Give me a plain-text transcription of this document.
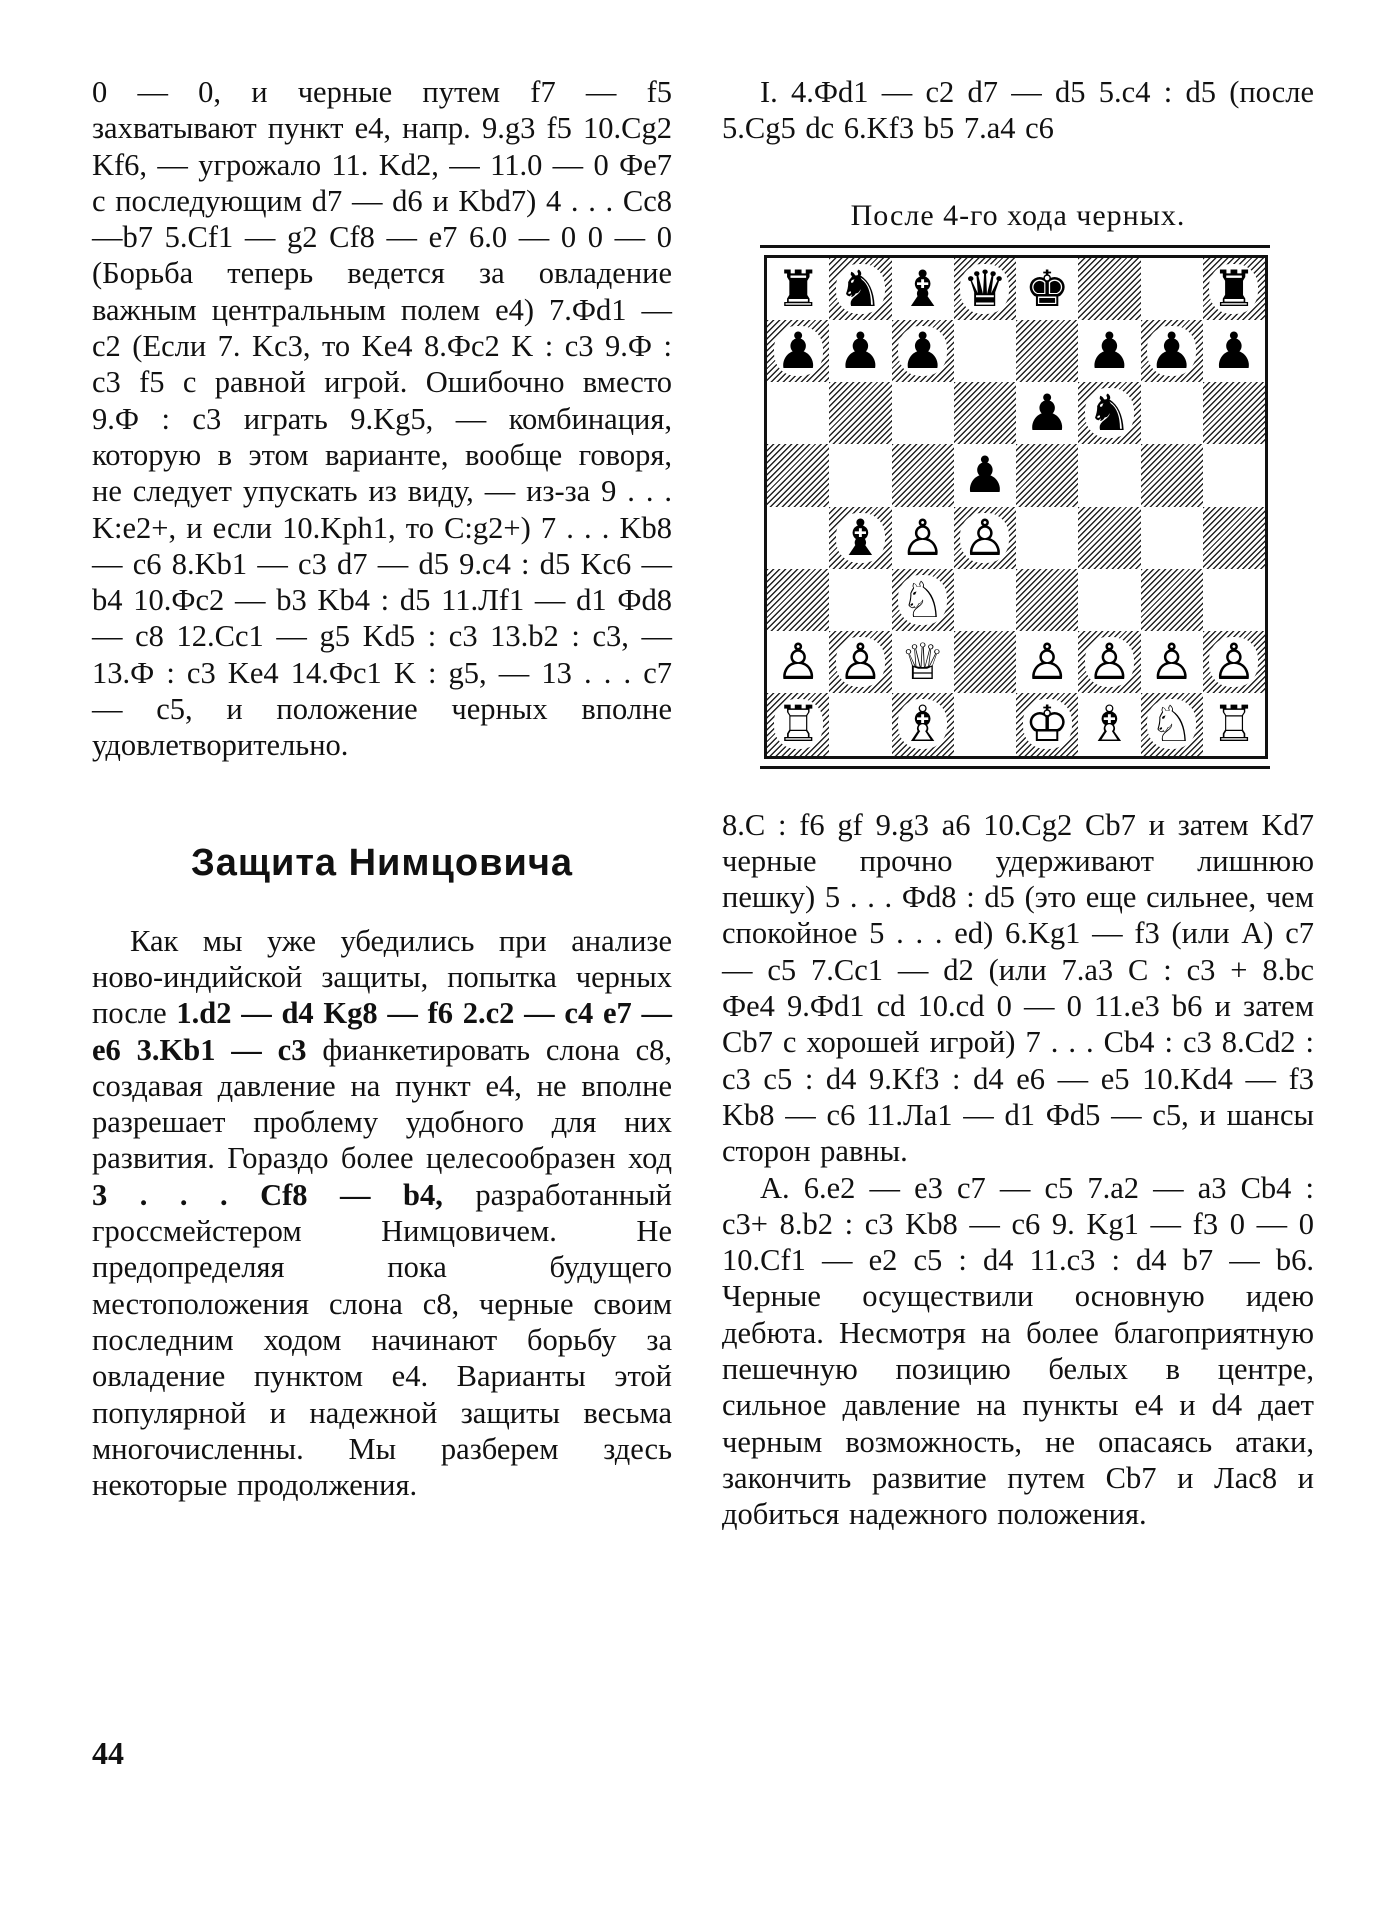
0 — 0, и черные путем f7 — f5 захватывают пункт e4, напр. 9.g3 f5 10.Cg2 Kf6, — угрожало 11. Kd2, — 11.0 — 0 Фe7 с последующим d7 — d6 и Kbd7) 4 . . . Cc8—b7 5.Cf1 — g2 Cf8 — e7 6.0 — 0 0 — 0 (Борьба теперь ведется за овладение важным центральным полем e4) 7.Фd1 — c2 (Если 7. Kc3, то Ke4 8.Фc2 K : c3 9.Ф : c3 f5 с равной игрой. Ошибочно вместо 9.Ф : c3 играть 9.Kg5, — комбинация, которую в этом варианте, вообще говоря, не следует упускать из виду, — из-за 9 . . . K:e2+, и если 10.Kph1, то C:g2+) 7 . . . Kb8 — c6 8.Kb1 — c3 d7 — d5 9.c4 : d5 Kc6 — b4 10.Фc2 — b3 Kb4 : d5 11.Лf1 — d1 Фd8 — c8 12.Cc1 — g5 Kd5 : c3 13.b2 : c3, — 13.Ф : c3 Ke4 14.Фc1 K : g5, — 13 . . . c7 — c5, и положение черных вполне удовлетворительно.

Защита Нимцовича

Как мы уже убедились при анализе ново-индийской защиты, попытка черных после 1.d2 — d4 Kg8 — f6 2.c2 — c4 e7 — e6 3.Kb1 — c3 фианкетировать слона c8, создавая давление на пункт e4, не вполне разрешает проблему удобного для них развития. Гораздо более целесообразен ход 3 . . . Cf8 — b4, разработанный гроссмейстером Нимцовичем. Не предопределяя пока будущего местоположения слона c8, черные своим последним ходом начинают борьбу за овладение пунктом e4. Варианты этой популярной и надежной защиты весьма многочисленны. Мы разберем здесь некоторые продолжения.

I. 4.Фd1 — c2 d7 — d5 5.c4 : d5 (после 5.Cg5 dc 6.Kf3 b5 7.a4 c6

После 4-го хода черных.
♜ ♞ ♝ ♛ ♚	♜
♟ ♟ ♟	♟ ♟ ♟
♟ ♞
♟
♝ ♙ ♙
♘
♙ ♙ ♕ ♙ ♙ ♙ ♙
♖ ♗ ♔ ♗ ♘ ♖

8.C : f6 gf 9.g3 a6 10.Cg2 Cb7 и затем Kd7 черные прочно удерживают лишнюю пешку) 5 . . . Фd8 : d5 (это еще сильнее, чем спокойное 5 . . . ed) 6.Kg1 — f3 (или A) c7 — c5 7.Cc1 — d2 (или 7.a3 C : c3 + 8.bc Фe4 9.Фd1 cd 10.cd 0 — 0 11.e3 b6 и затем Cb7 с хорошей игрой) 7 . . . Cb4 : c3 8.Cd2 : c3 c5 : d4 9.Kf3 : d4 e6 — e5 10.Kd4 — f3 Kb8 — c6 11.Лa1 — d1 Фd5 — c5, и шансы сторон равны.

A. 6.e2 — e3 c7 — c5 7.a2 — a3 Cb4 : c3+ 8.b2 : c3 Kb8 — c6 9. Kg1 — f3 0 — 0 10.Cf1 — e2 c5 : d4 11.c3 : d4 b7 — b6. Черные осуществили основную идею дебюта. Несмотря на более благоприятную пешечную позицию белых в центре, сильное давление на пункты e4 и d4 дает черным возможность, не опасаясь атаки, закончить развитие путем Cb7 и Лac8 и добиться надежного положения.

44
